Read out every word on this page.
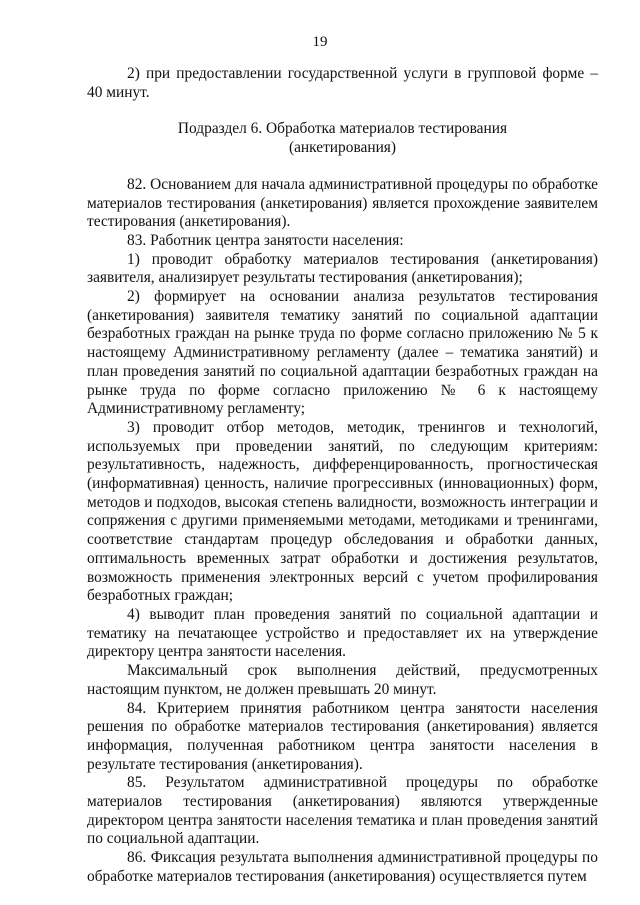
19

2) при предоставлении государственной услуги в групповой форме – 40 минут.

Подраздел 6. Обработка материалов тестирования
(анкетирования)

82. Основанием для начала административной процедуры по обработке материалов тестирования (анкетирования) является прохождение заявителем тестирования (анкетирования).

83. Работник центра занятости населения:

1) проводит обработку материалов тестирования (анкетирования) заявителя, анализирует результаты тестирования (анкетирования);

2) формирует на основании анализа результатов тестирования (анкетирования) заявителя тематику занятий по социальной адаптации безработных граждан на рынке труда по форме согласно приложению № 5 к настоящему Административному регламенту (далее – тематика занятий) и план проведения занятий по социальной адаптации безработных граждан на рынке труда по форме согласно приложению № 6 к настоящему Административному регламенту;

3) проводит отбор методов, методик, тренингов и технологий, используемых при проведении занятий, по следующим критериям: результативность, надежность, дифференцированность, прогностическая (информативная) ценность, наличие прогрессивных (инновационных) форм, методов и подходов, высокая степень валидности, возможность интеграции и сопряжения с другими применяемыми методами, методиками и тренингами, соответствие стандартам процедур обследования и обработки данных, оптимальность временных затрат обработки и достижения результатов, возможность применения электронных версий с учетом профилирования безработных граждан;

4) выводит план проведения занятий по социальной адаптации и тематику на печатающее устройство и предоставляет их на утверждение директору центра занятости населения.

Максимальный срок выполнения действий, предусмотренных настоящим пунктом, не должен превышать 20 минут.

84. Критерием принятия работником центра занятости населения решения по обработке материалов тестирования (анкетирования) является информация, полученная работником центра занятости населения в результате тестирования (анкетирования).

85. Результатом административной процедуры по обработке материалов тестирования (анкетирования) являются утвержденные директором центра занятости населения тематика и план проведения занятий по социальной адаптации.

86. Фиксация результата выполнения административной процедуры по обработке материалов тестирования (анкетирования) осуществляется путем
